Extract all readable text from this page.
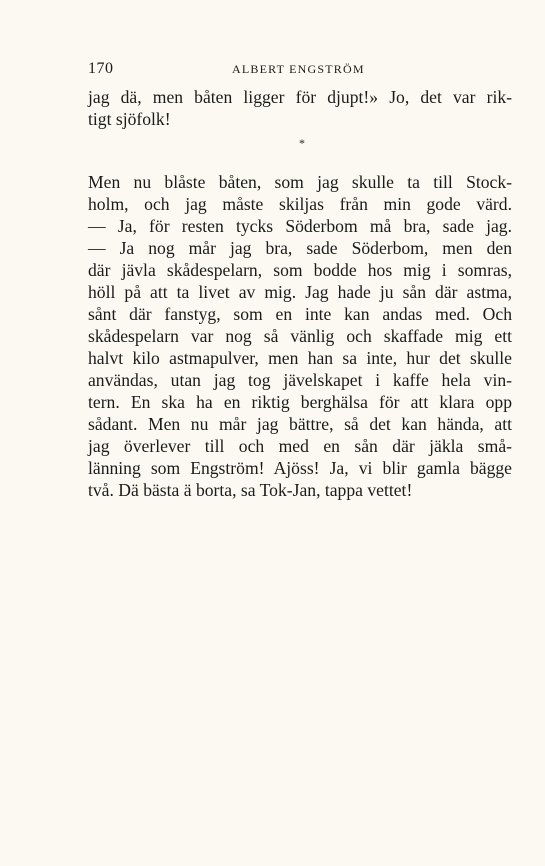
170	ALBERT ENGSTRÖM
jag dä, men båten ligger för djupt!» Jo, det var rik-
tigt sjöfolk!
*
Men nu blåste båten, som jag skulle ta till Stock-
holm, och jag måste skiljas från min gode värd.
— Ja, för resten tycks Söderbom må bra, sade jag.
— Ja nog mår jag bra, sade Söderbom, men den
där jävla skådespelarn, som bodde hos mig i somras,
höll på att ta livet av mig. Jag hade ju sån där astma,
sånt där fanstyg, som en inte kan andas med. Och
skådespelarn var nog så vänlig och skaffade mig ett
halvt kilo astmapulver, men han sa inte, hur det skulle
användas, utan jag tog jävelskapet i kaffe hela vin-
tern. En ska ha en riktig berghälsa för att klara opp
sådant. Men nu mår jag bättre, så det kan hända, att
jag överlever till och med en sån där jäkla små-
länning som Engström! Ajöss! Ja, vi blir gamla bägge
två. Dä bästa ä borta, sa Tok-Jan, tappa vettet!
